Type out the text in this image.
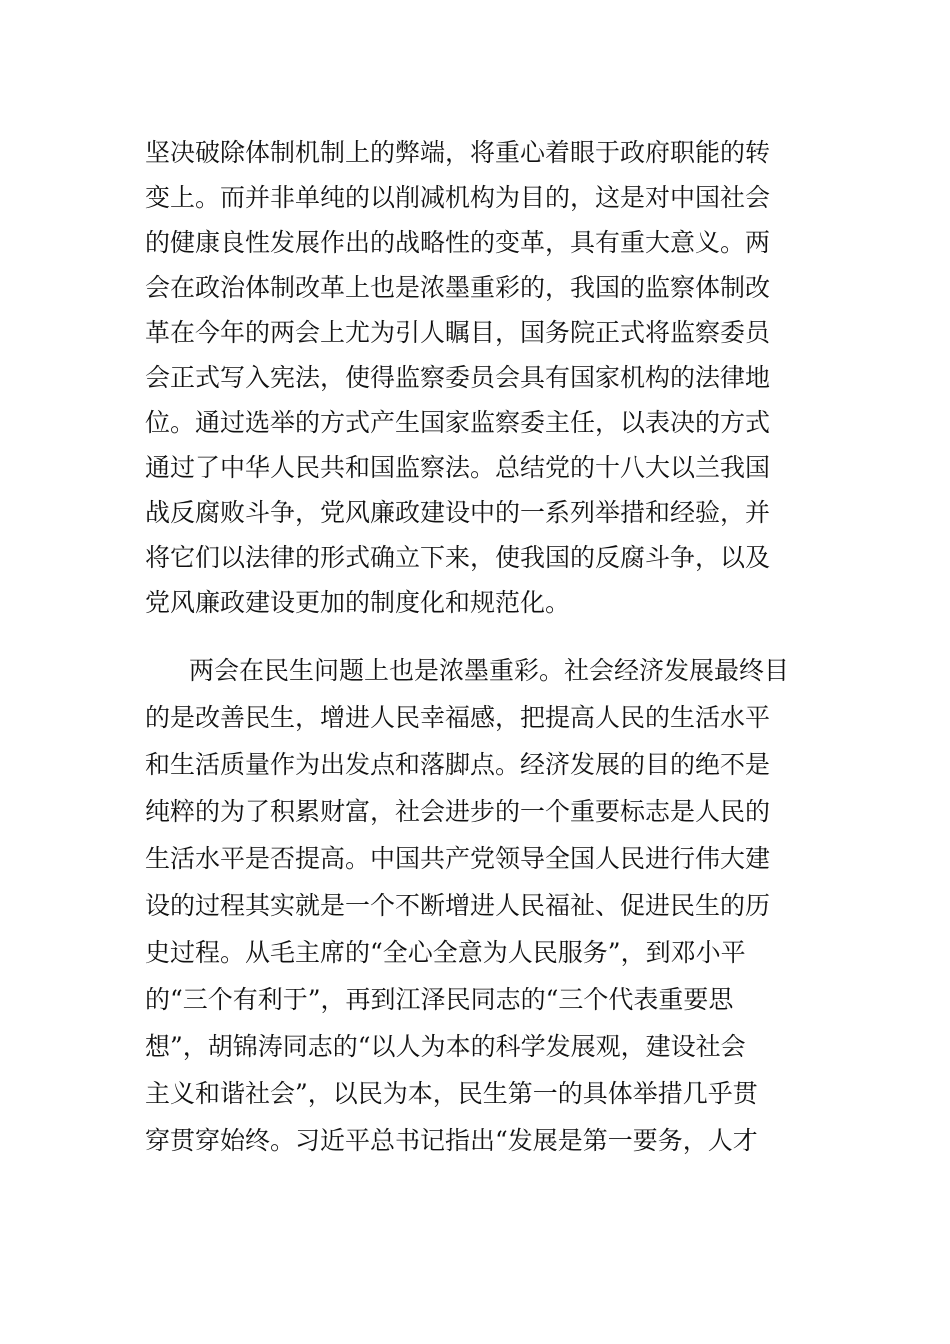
坚决破除体制机制上的弊端，将重心着眼于政府职能的转
变上。而并非单纯的以削减机构为目的，这是对中国社会
的健康良性发展作出的战略性的变革，具有重大意义。两
会在政治体制改革上也是浓墨重彩的，我国的监察体制改
革在今年的两会上尤为引人瞩目，国务院正式将监察委员
会正式写入宪法，使得监察委员会具有国家机构的法律地
位。通过选举的方式产生国家监察委主任，以表决的方式
通过了中华人民共和国监察法。总结党的十八大以兰我国
战反腐败斗争，党风廉政建设中的一系列举措和经验，并
将它们以法律的形式确立下来，使我国的反腐斗争，以及
党风廉政建设更加的制度化和规范化。
两会在民生问题上也是浓墨重彩。社会经济发展最终目
的是改善民生，增进人民幸福感，把提高人民的生活水平
和生活质量作为出发点和落脚点。经济发展的目的绝不是
纯粹的为了积累财富，社会进步的一个重要标志是人民的
生活水平是否提高。中国共产党领导全国人民进行伟大建
设的过程其实就是一个不断增进人民福祉、促进民生的历
史过程。从毛主席的“全心全意为人民服务”，到邓小平
的“三个有利于”，再到江泽民同志的“三个代表重要思
想”，胡锦涛同志的“以人为本的科学发展观，建设社会
主义和谐社会”，以民为本，民生第一的具体举措几乎贯
穿贯穿始终。习近平总书记指出“发展是第一要务，人才
